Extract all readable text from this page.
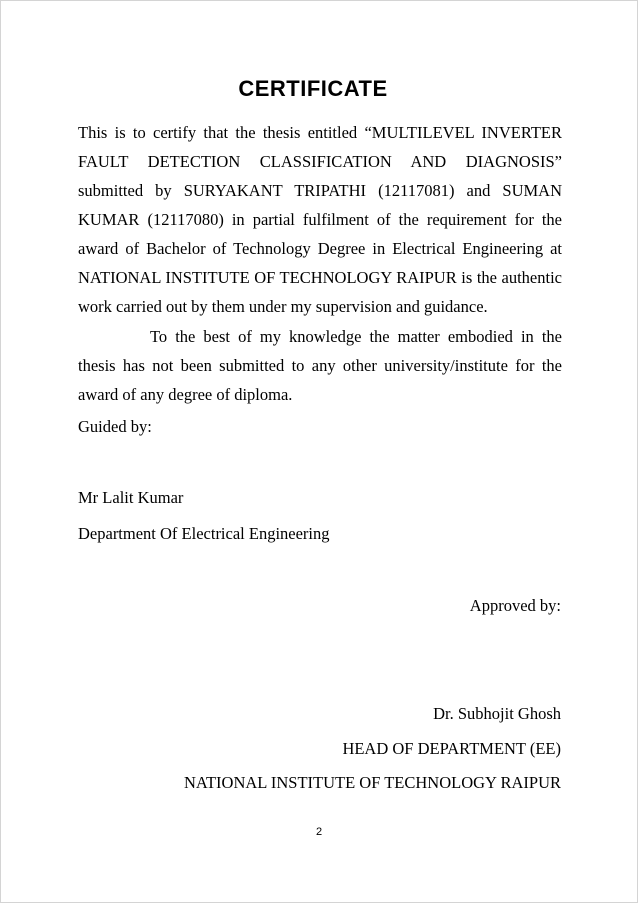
CERTIFICATE
This is to certify that the thesis entitled “MULTILEVEL INVERTER FAULT DETECTION CLASSIFICATION AND DIAGNOSIS” submitted by SURYAKANT TRIPATHI (12117081) and SUMAN KUMAR (12117080) in partial fulfilment of the requirement for the award of Bachelor of Technology Degree in Electrical Engineering at NATIONAL INSTITUTE OF TECHNOLOGY RAIPUR is the authentic work carried out by them under my supervision and guidance.
To the best of my knowledge the matter embodied in the thesis has not been submitted to any other university/institute for the award of any degree of diploma.
Guided by:
Mr Lalit Kumar
Department Of Electrical Engineering
Approved by:
Dr. Subhojit Ghosh
HEAD OF DEPARTMENT (EE)
NATIONAL INSTITUTE OF TECHNOLOGY RAIPUR
2
